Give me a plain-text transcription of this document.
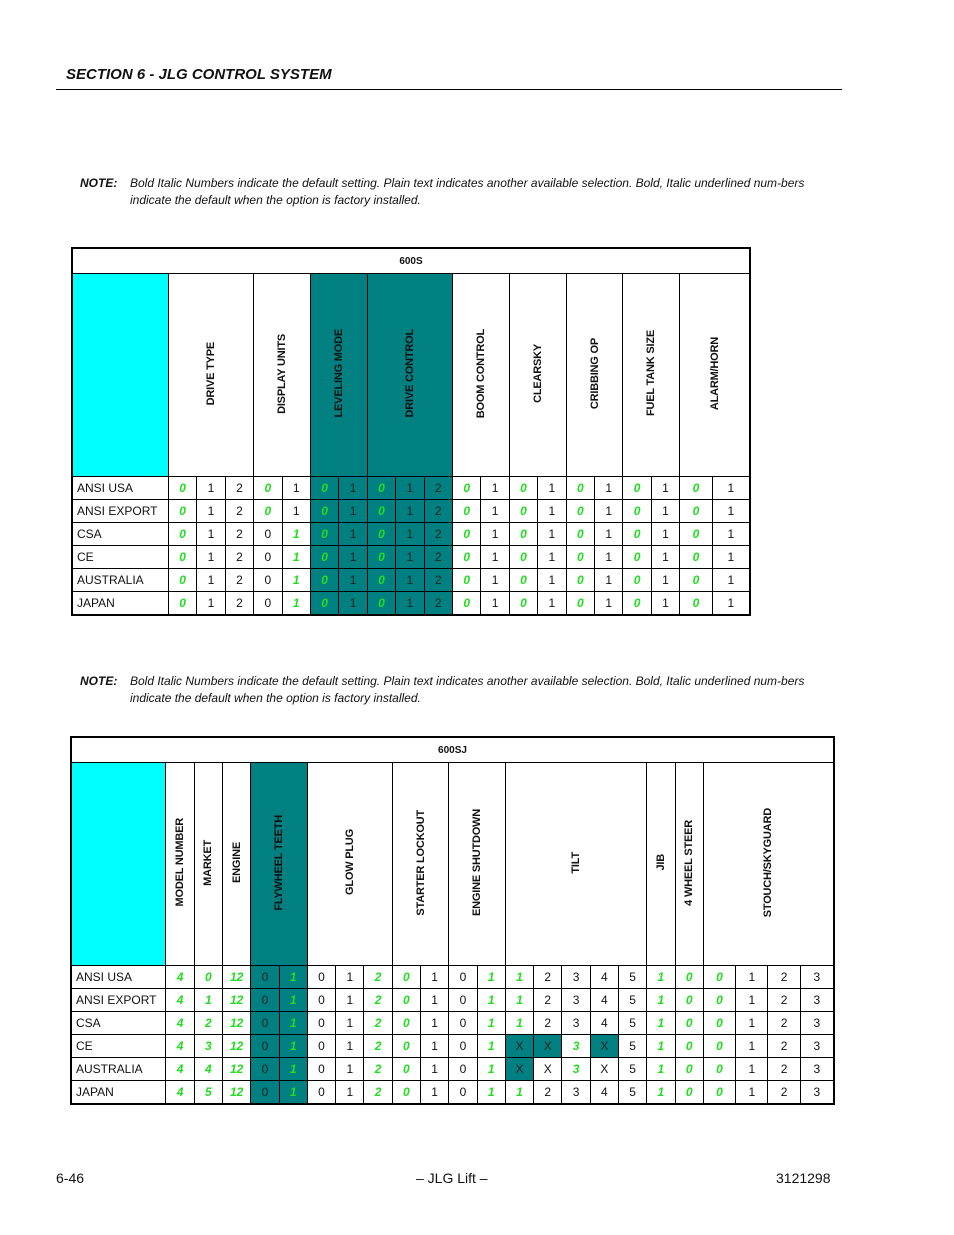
SECTION 6 - JLG CONTROL SYSTEM
NOTE: Bold Italic Numbers indicate the default setting. Plain text indicates another available selection. Bold, Italic underlined num-bers indicate the default when the option is factory installed.
600S																				
	DRIVE TYPE			DISPLAY UNITS		LEVELING MODE		DRIVE CONTROL			BOOM CONTROL		CLEARSKY		CRIBBING OP		FUEL TANK SIZE		ALARM/HORN	
ANSI USA	0	1	2	0	1	0	1	0	1	2	0	1	0	1	0	1	0	1	0	1
ANSI EXPORT	0	1	2	0	1	0	1	0	1	2	0	1	0	1	0	1	0	1	0	1
CSA	0	1	2	0	1	0	1	0	1	2	0	1	0	1	0	1	0	1	0	1
CE	0	1	2	0	1	0	1	0	1	2	0	1	0	1	0	1	0	1	0	1
AUSTRALIA	0	1	2	0	1	0	1	0	1	2	0	1	0	1	0	1	0	1	0	1
JAPAN	0	1	2	0	1	0	1	0	1	2	0	1	0	1	0	1	0	1	0	1
NOTE: Bold Italic Numbers indicate the default setting. Plain text indicates another available selection. Bold, Italic underlined num-bers indicate the default when the option is factory installed.
600SJ																							
	MODEL NUMBER	MARKET	ENGINE	FLYWHEEL TEETH		GLOW PLUG			STARTER LOCKOUT		ENGINE SHUTDOWN		TILT					JIB	4 WHEEL STEER	STOUCH/SKYGUARD			
ANSI USA	4	0	12	0	1	0	1	2	0	1	0	1	1	2	3	4	5	1	0	0	1	2	3
ANSI EXPORT	4	1	12	0	1	0	1	2	0	1	0	1	1	2	3	4	5	1	0	0	1	2	3
CSA	4	2	12	0	1	0	1	2	0	1	0	1	1	2	3	4	5	1	0	0	1	2	3
CE	4	3	12	0	1	0	1	2	0	1	0	1	X	X	3	X	5	1	0	0	1	2	3
AUSTRALIA	4	4	12	0	1	0	1	2	0	1	0	1	X	X	3	X	5	1	0	0	1	2	3
JAPAN	4	5	12	0	1	0	1	2	0	1	0	1	1	2	3	4	5	1	0	0	1	2	3
6-46	– JLG Lift –	3121298
